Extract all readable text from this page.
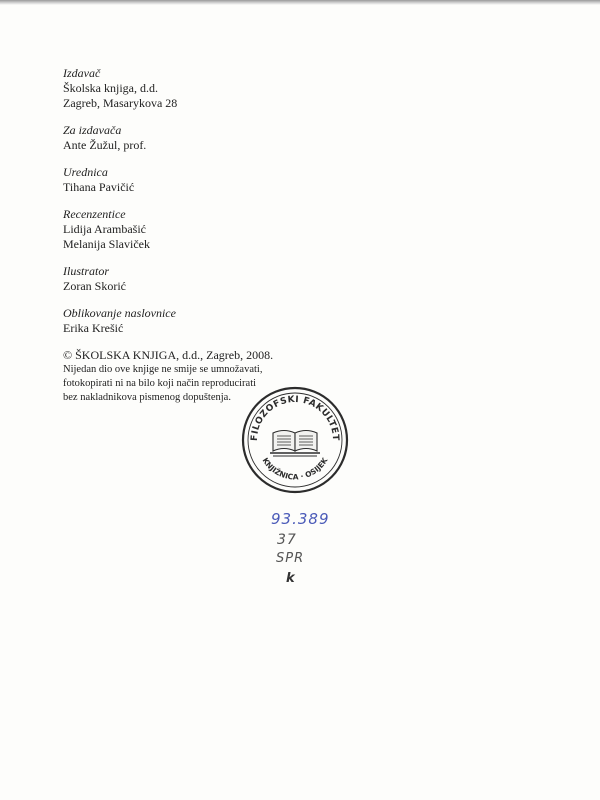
Izdavač
Školska knjiga, d.d.
Zagreb, Masarykova 28
Za izdavača
Ante Žužul, prof.
Urednica
Tihana Pavičić
Recenzentice
Lidija Arambašić
Melanija Slaviček
Ilustrator
Zoran Skorić
Oblikovanje naslovnice
Erika Krešić
© ŠKOLSKA KNJIGA, d.d., Zagreb, 2008.
Nijedan dio ove knjige ne smije se umnožavati,
fotokopirati ni na bilo koji način reproducirati
bez nakladnikova pismenog dopuštenja.
FILOZOFSKI FAKULTET
KNJIŽNICA · OSIJEK
93.389
37
SPR
k
